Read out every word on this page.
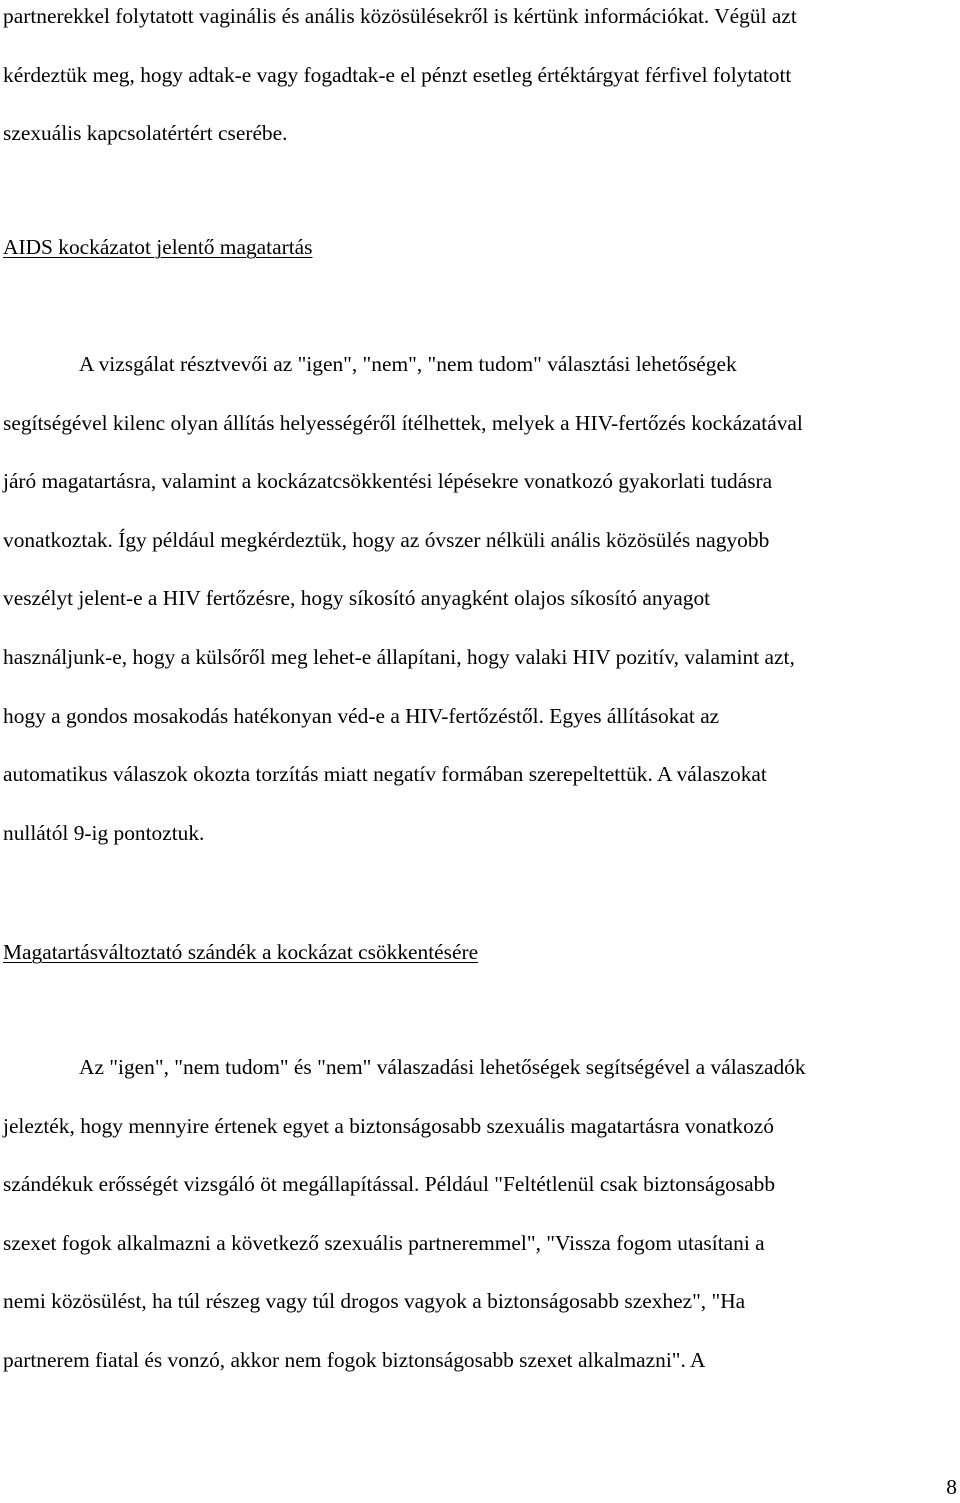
partnerekkel folytatott vaginális és anális közösülésekről is kértünk információkat. Végül azt
kérdeztük meg, hogy adtak-e vagy fogadtak-e el pénzt esetleg értéktárgyat férfivel folytatott
szexuális kapcsolatértért cserébe.
AIDS kockázatot jelentő magatartás
A vizsgálat résztvevői az "igen", "nem", "nem tudom" választási lehetőségek
segítségével kilenc olyan állítás helyességéről ítélhettek, melyek a HIV-fertőzés kockázatával
járó magatartásra, valamint a kockázatcsökkentési lépésekre vonatkozó gyakorlati tudásra
vonatkoztak. Így például megkérdeztük, hogy az óvszer nélküli anális közösülés nagyobb
veszélyt jelent-e a HIV fertőzésre, hogy síkosító anyagként olajos síkosító anyagot
használjunk-e, hogy a külsőről meg lehet-e állapítani, hogy valaki HIV pozitív, valamint azt,
hogy a gondos mosakodás hatékonyan véd-e a HIV-fertőzéstől. Egyes állításokat az
automatikus válaszok okozta torzítás miatt negatív formában szerepeltettük. A válaszokat
nullától 9-ig pontoztuk.
Magatartásváltoztató szándék a kockázat csökkentésére
Az "igen", "nem tudom" és "nem" válaszadási lehetőségek segítségével a válaszadók
jelezték, hogy mennyire értenek egyet a biztonságosabb szexuális magatartásra vonatkozó
szándékuk erősségét vizsgáló öt megállapítással. Például "Feltétlenül csak biztonságosabb
szexet fogok alkalmazni a következő szexuális partneremmel", "Vissza fogom utasítani a
nemi közösülést, ha túl részeg vagy túl drogos vagyok a biztonságosabb szexhez", "Ha
partnerem fiatal és vonzó, akkor nem fogok biztonságosabb szexet alkalmazni". A
8
